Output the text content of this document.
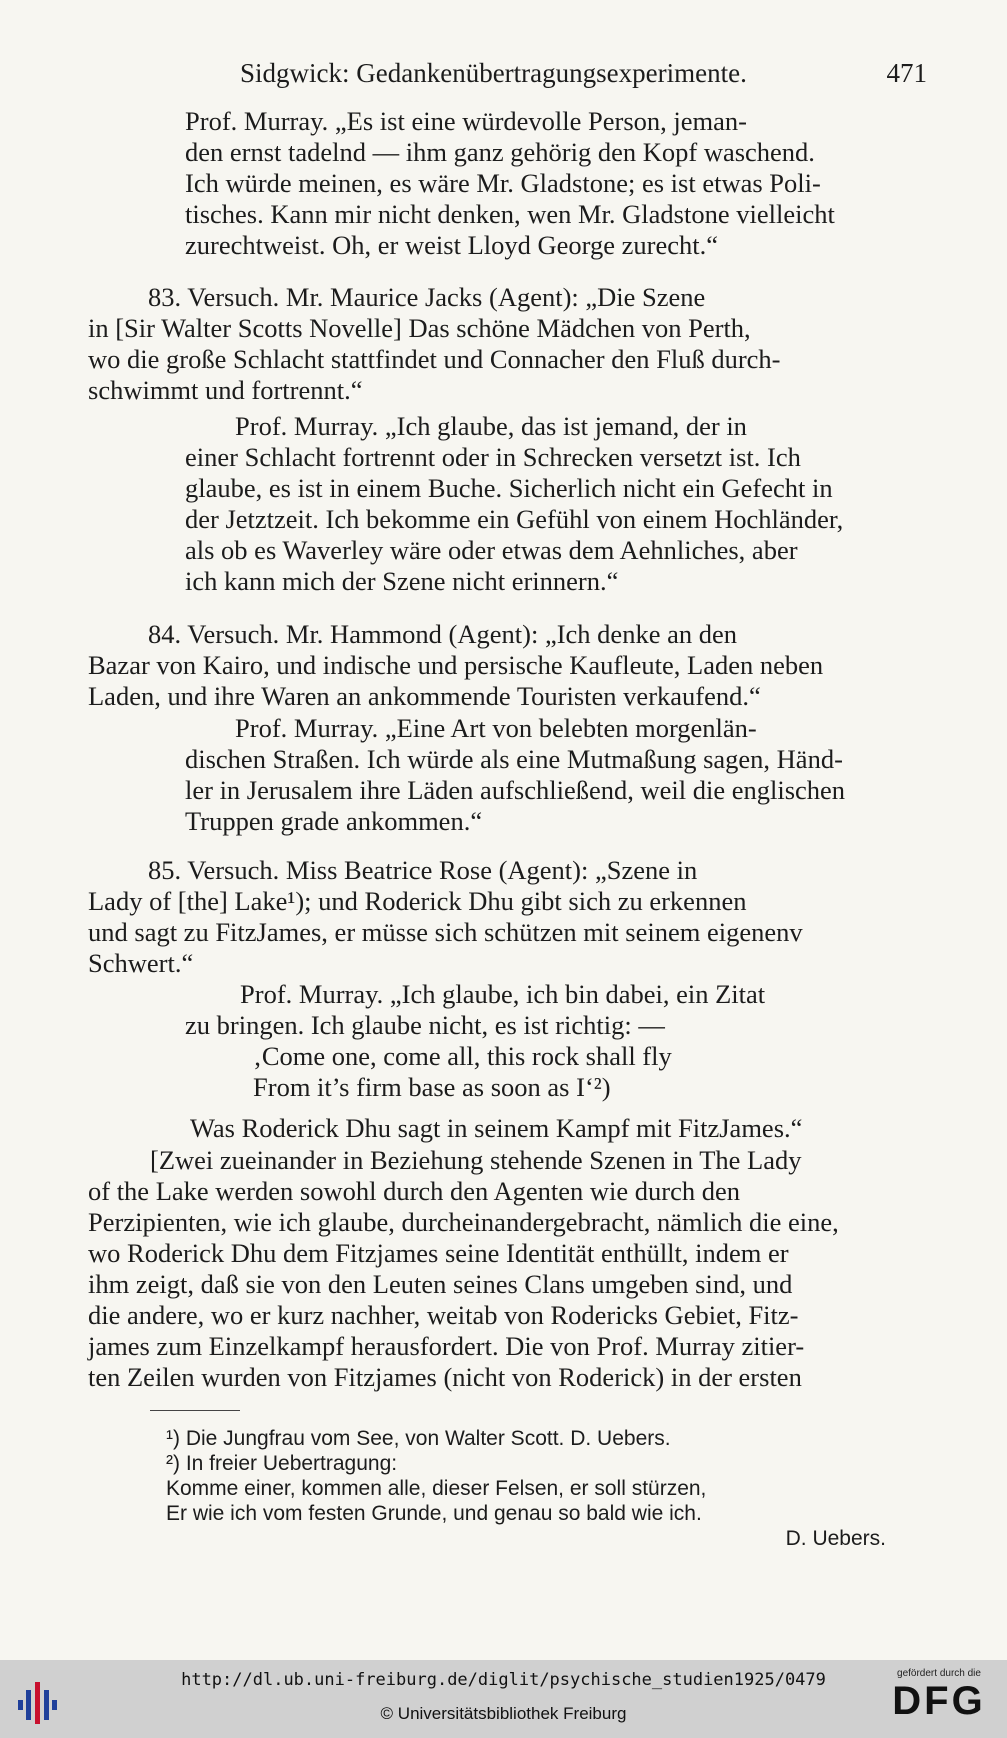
Sidgwick: Gedankenübertragungsexperimente.	471
Prof. Murray. „Es ist eine würdevolle Person, jeman-
den ernst tadelnd — ihm ganz gehörig den Kopf waschend.
Ich würde meinen, es wäre Mr. Gladstone; es ist etwas Poli-
tisches. Kann mir nicht denken, wen Mr. Gladstone vielleicht
zurechtweist. Oh, er weist Lloyd George zurecht.“
83. Versuch. Mr. Maurice Jacks (Agent): „Die Szene
in [Sir Walter Scotts Novelle] Das schöne Mädchen von Perth,
wo die große Schlacht stattfindet und Connacher den Fluß durch-
schwimmt und fortrennt.“
Prof. Murray. „Ich glaube, das ist jemand, der in
einer Schlacht fortrennt oder in Schrecken versetzt ist. Ich
glaube, es ist in einem Buche. Sicherlich nicht ein Gefecht in
der Jetztzeit. Ich bekomme ein Gefühl von einem Hochländer,
als ob es Waverley wäre oder etwas dem Aehnliches, aber
ich kann mich der Szene nicht erinnern.“
84. Versuch. Mr. Hammond (Agent): „Ich denke an den
Bazar von Kairo, und indische und persische Kaufleute, Laden neben
Laden, und ihre Waren an ankommende Touristen verkaufend.“
Prof. Murray. „Eine Art von belebten morgenlän-
dischen Straßen. Ich würde als eine Mutmaßung sagen, Händ-
ler in Jerusalem ihre Läden aufschließend, weil die englischen
Truppen grade ankommen.“
85. Versuch. Miss Beatrice Rose (Agent): „Szene in
Lady of [the] Lake¹); und Roderick Dhu gibt sich zu erkennen
und sagt zu FitzJames, er müsse sich schützen mit seinem eigenenv
Schwert.“
Prof. Murray. „Ich glaube, ich bin dabei, ein Zitat
zu bringen. Ich glaube nicht, es ist richtig: —
‚Come one, come all, this rock shall fly
From it’s firm base as soon as I‘²)
Was Roderick Dhu sagt in seinem Kampf mit FitzJames.“
[Zwei zueinander in Beziehung stehende Szenen in The Lady
of the Lake werden sowohl durch den Agenten wie durch den
Perzipienten, wie ich glaube, durcheinandergebracht, nämlich die eine,
wo Roderick Dhu dem Fitzjames seine Identität enthüllt, indem er
ihm zeigt, daß sie von den Leuten seines Clans umgeben sind, und
die andere, wo er kurz nachher, weitab von Rodericks Gebiet, Fitz-
james zum Einzelkampf herausfordert. Die von Prof. Murray zitier-
ten Zeilen wurden von Fitzjames (nicht von Roderick) in der ersten
¹) Die Jungfrau vom See, von Walter Scott. D. Uebers.
²) In freier Uebertragung:
Komme einer, kommen alle, dieser Felsen, er soll stürzen,
Er wie ich vom festen Grunde, und genau so bald wie ich.
D. Uebers.
http://dl.ub.uni-freiburg.de/diglit/psychische_studien1925/0479
© Universitätsbibliothek Freiburg
gefördert durch die
DFG
